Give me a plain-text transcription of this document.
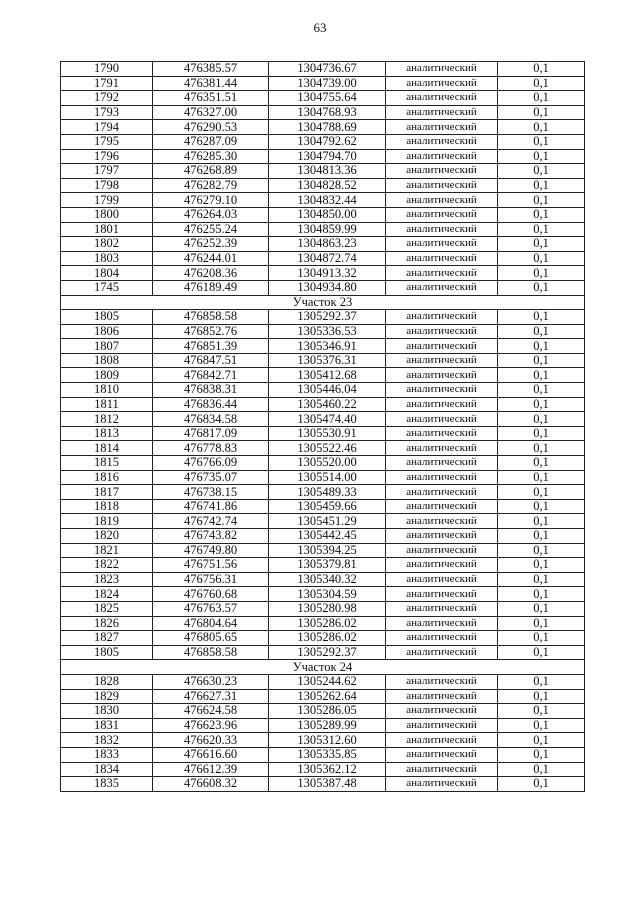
63
1790	476385.57	1304736.67	аналитический	0,1
1791	476381.44	1304739.00	аналитический	0,1
1792	476351.51	1304755.64	аналитический	0,1
1793	476327.00	1304768.93	аналитический	0,1
1794	476290.53	1304788.69	аналитический	0,1
1795	476287.09	1304792.62	аналитический	0,1
1796	476285.30	1304794.70	аналитический	0,1
1797	476268.89	1304813.36	аналитический	0,1
1798	476282.79	1304828.52	аналитический	0,1
1799	476279.10	1304832.44	аналитический	0,1
1800	476264.03	1304850.00	аналитический	0,1
1801	476255.24	1304859.99	аналитический	0,1
1802	476252.39	1304863.23	аналитический	0,1
1803	476244.01	1304872.74	аналитический	0,1
1804	476208.36	1304913.32	аналитический	0,1
1745	476189.49	1304934.80	аналитический	0,1
Участок 23				
1805	476858.58	1305292.37	аналитический	0,1
1806	476852.76	1305336.53	аналитический	0,1
1807	476851.39	1305346.91	аналитический	0,1
1808	476847.51	1305376.31	аналитический	0,1
1809	476842.71	1305412.68	аналитический	0,1
1810	476838.31	1305446.04	аналитический	0,1
1811	476836.44	1305460.22	аналитический	0,1
1812	476834.58	1305474.40	аналитический	0,1
1813	476817.09	1305530.91	аналитический	0,1
1814	476778.83	1305522.46	аналитический	0,1
1815	476766.09	1305520.00	аналитический	0,1
1816	476735.07	1305514.00	аналитический	0,1
1817	476738.15	1305489.33	аналитический	0,1
1818	476741.86	1305459.66	аналитический	0,1
1819	476742.74	1305451.29	аналитический	0,1
1820	476743.82	1305442.45	аналитический	0,1
1821	476749.80	1305394.25	аналитический	0,1
1822	476751.56	1305379.81	аналитический	0,1
1823	476756.31	1305340.32	аналитический	0,1
1824	476760.68	1305304.59	аналитический	0,1
1825	476763.57	1305280.98	аналитический	0,1
1826	476804.64	1305286.02	аналитический	0,1
1827	476805.65	1305286.02	аналитический	0,1
1805	476858.58	1305292.37	аналитический	0,1
Участок 24				
1828	476630.23	1305244.62	аналитический	0,1
1829	476627.31	1305262.64	аналитический	0,1
1830	476624.58	1305286.05	аналитический	0,1
1831	476623.96	1305289.99	аналитический	0,1
1832	476620.33	1305312.60	аналитический	0,1
1833	476616.60	1305335.85	аналитический	0,1
1834	476612.39	1305362.12	аналитический	0,1
1835	476608.32	1305387.48	аналитический	0,1
